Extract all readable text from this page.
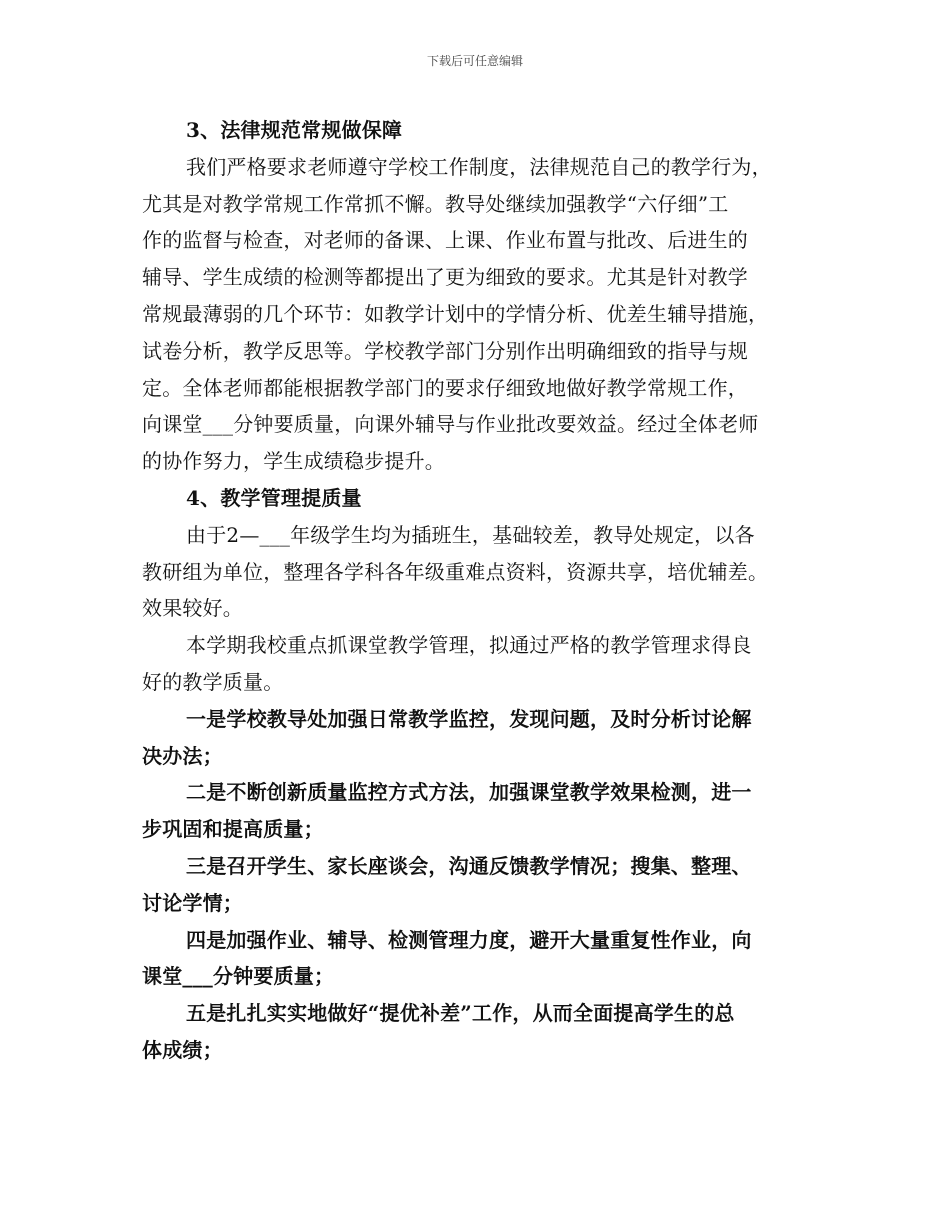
下载后可任意编辑
3、法律规范常规做保障
我们严格要求老师遵守学校工作制度，法律规范自己的教学行为，
尤其是对教学常规工作常抓不懈。教导处继续加强教学“六仔细”工
作的监督与检查，对老师的备课、上课、作业布置与批改、后进生的
辅导、学生成绩的检测等都提出了更为细致的要求。尤其是针对教学
常规最薄弱的几个环节：如教学计划中的学情分析、优差生辅导措施，
试卷分析，教学反思等。学校教学部门分别作出明确细致的指导与规
定。全体老师都能根据教学部门的要求仔细致地做好教学常规工作，
向课堂___分钟要质量，向课外辅导与作业批改要效益。经过全体老师
的协作努力，学生成绩稳步提升。
4、教学管理提质量
由于2—___年级学生均为插班生，基础较差，教导处规定，以各
教研组为单位，整理各学科各年级重难点资料，资源共享，培优辅差。
效果较好。
本学期我校重点抓课堂教学管理，拟通过严格的教学管理求得良
好的教学质量。
一是学校教导处加强日常教学监控，发现问题，及时分析讨论解
决办法；
二是不断创新质量监控方式方法，加强课堂教学效果检测，进一
步巩固和提高质量；
三是召开学生、家长座谈会，沟通反馈教学情况；搜集、整理、
讨论学情；
四是加强作业、辅导、检测管理力度，避开大量重复性作业，向
课堂___分钟要质量；
五是扎扎实实地做好“提优补差”工作，从而全面提高学生的总
体成绩；
